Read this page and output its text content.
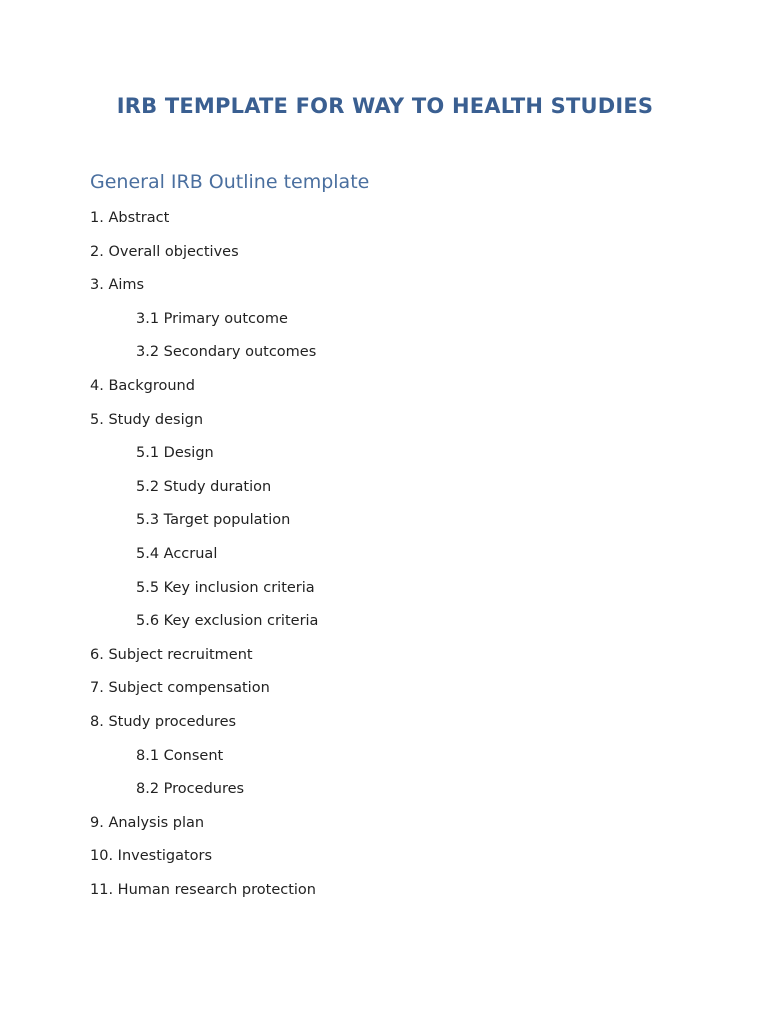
IRB TEMPLATE FOR WAY TO HEALTH STUDIES
General IRB Outline template
1. Abstract
2. Overall objectives
3. Aims
3.1 Primary outcome
3.2 Secondary outcomes
4. Background
5. Study design
5.1 Design
5.2 Study duration
5.3 Target population
5.4 Accrual
5.5 Key inclusion criteria
5.6 Key exclusion criteria
6. Subject recruitment
7. Subject compensation
8. Study procedures
8.1 Consent
8.2 Procedures
9. Analysis plan
10. Investigators
11. Human research protection
